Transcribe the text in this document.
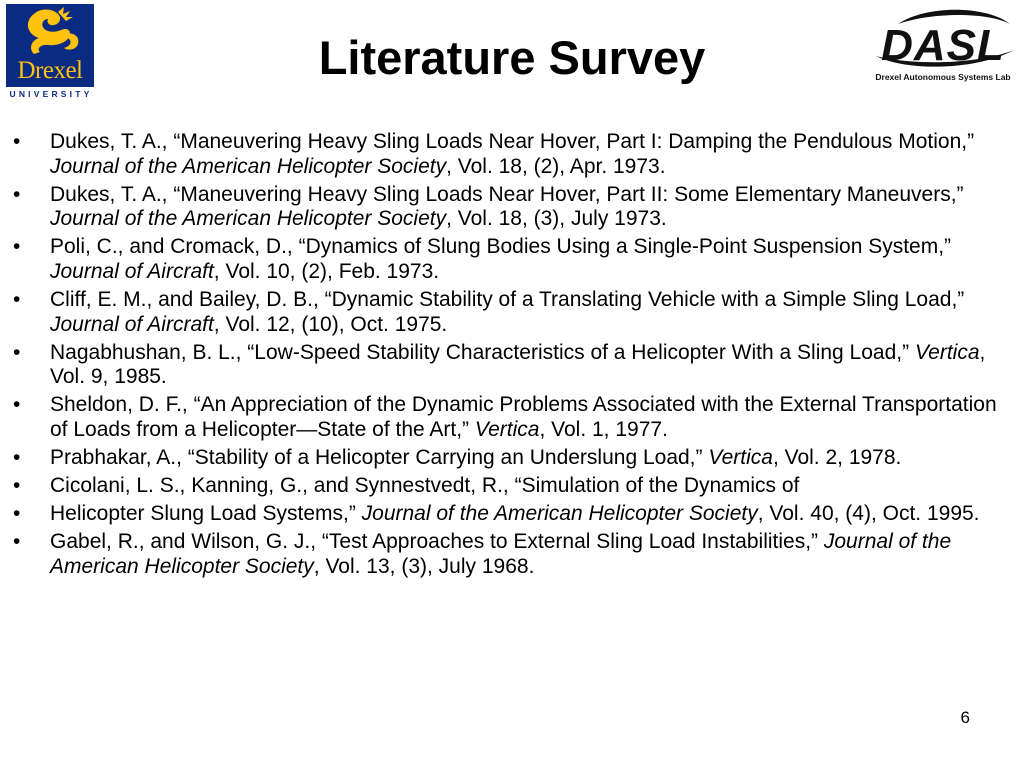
Drexel
UNIVERSITY
Literature Survey	DASL
Drexel Autonomous Systems Lab
• Dukes, T. A., “Maneuvering Heavy Sling Loads Near Hover, Part I: Damping the Pendulous Motion,” Journal of the American Helicopter Society, Vol. 18, (2), Apr. 1973.
• Dukes, T. A., “Maneuvering Heavy Sling Loads Near Hover, Part II: Some Elementary Maneuvers,” Journal of the American Helicopter Society, Vol. 18, (3), July 1973.
• Poli, C., and Cromack, D., “Dynamics of Slung Bodies Using a Single-Point Suspension System,” Journal of Aircraft, Vol. 10, (2), Feb. 1973.
• Cliff, E. M., and Bailey, D. B., “Dynamic Stability of a Translating Vehicle with a Simple Sling Load,” Journal of Aircraft, Vol. 12, (10), Oct. 1975.
• Nagabhushan, B. L., “Low-Speed Stability Characteristics of a Helicopter With a Sling Load,” Vertica, Vol. 9, 1985.
• Sheldon, D. F., “An Appreciation of the Dynamic Problems Associated with the External Transportation of Loads from a Helicopter—State of the Art,” Vertica, Vol. 1, 1977.
• Prabhakar, A., “Stability of a Helicopter Carrying an Underslung Load,” Vertica, Vol. 2, 1978.
• Cicolani, L. S., Kanning, G., and Synnestvedt, R., “Simulation of the Dynamics of
• Helicopter Slung Load Systems,” Journal of the American Helicopter Society, Vol. 40, (4), Oct. 1995.
• Gabel, R., and Wilson, G. J., “Test Approaches to External Sling Load Instabilities,” Journal of the American Helicopter Society, Vol. 13, (3), July 1968.
6
